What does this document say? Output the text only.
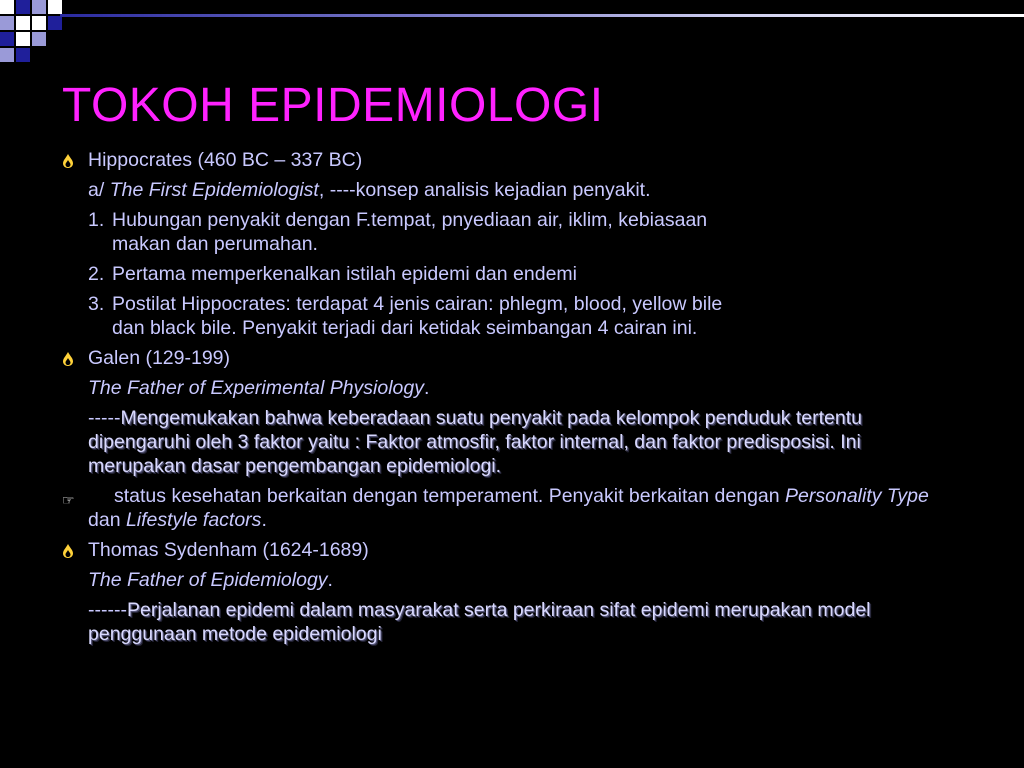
TOKOH EPIDEMIOLOGI
Hippocrates (460 BC – 337 BC)
a/ The First Epidemiologist, ----konsep analisis kejadian penyakit.
1. Hubungan penyakit dengan F.tempat, pnyediaan air, iklim, kebiasaan
makan dan perumahan.
2. Pertama memperkenalkan istilah epidemi dan endemi
3. Postilat Hippocrates: terdapat 4 jenis cairan: phlegm, blood, yellow bile
dan black bile. Penyakit terjadi dari ketidak seimbangan 4 cairan ini.
Galen (129-199)
The Father of Experimental Physiology.
-----Mengemukakan bahwa keberadaan suatu penyakit pada kelompok penduduk tertentu dipengaruhi oleh 3 faktor yaitu : Faktor atmosfir, faktor internal, dan faktor predisposisi. Ini merupakan dasar pengembangan epidemiologi.
☞ status kesehatan berkaitan dengan temperament. Penyakit berkaitan dengan Personality Type dan Lifestyle factors.
Thomas Sydenham (1624-1689)
The Father of Epidemiology.
------Perjalanan epidemi dalam masyarakat serta perkiraan sifat epidemi merupakan model penggunaan metode epidemiologi
